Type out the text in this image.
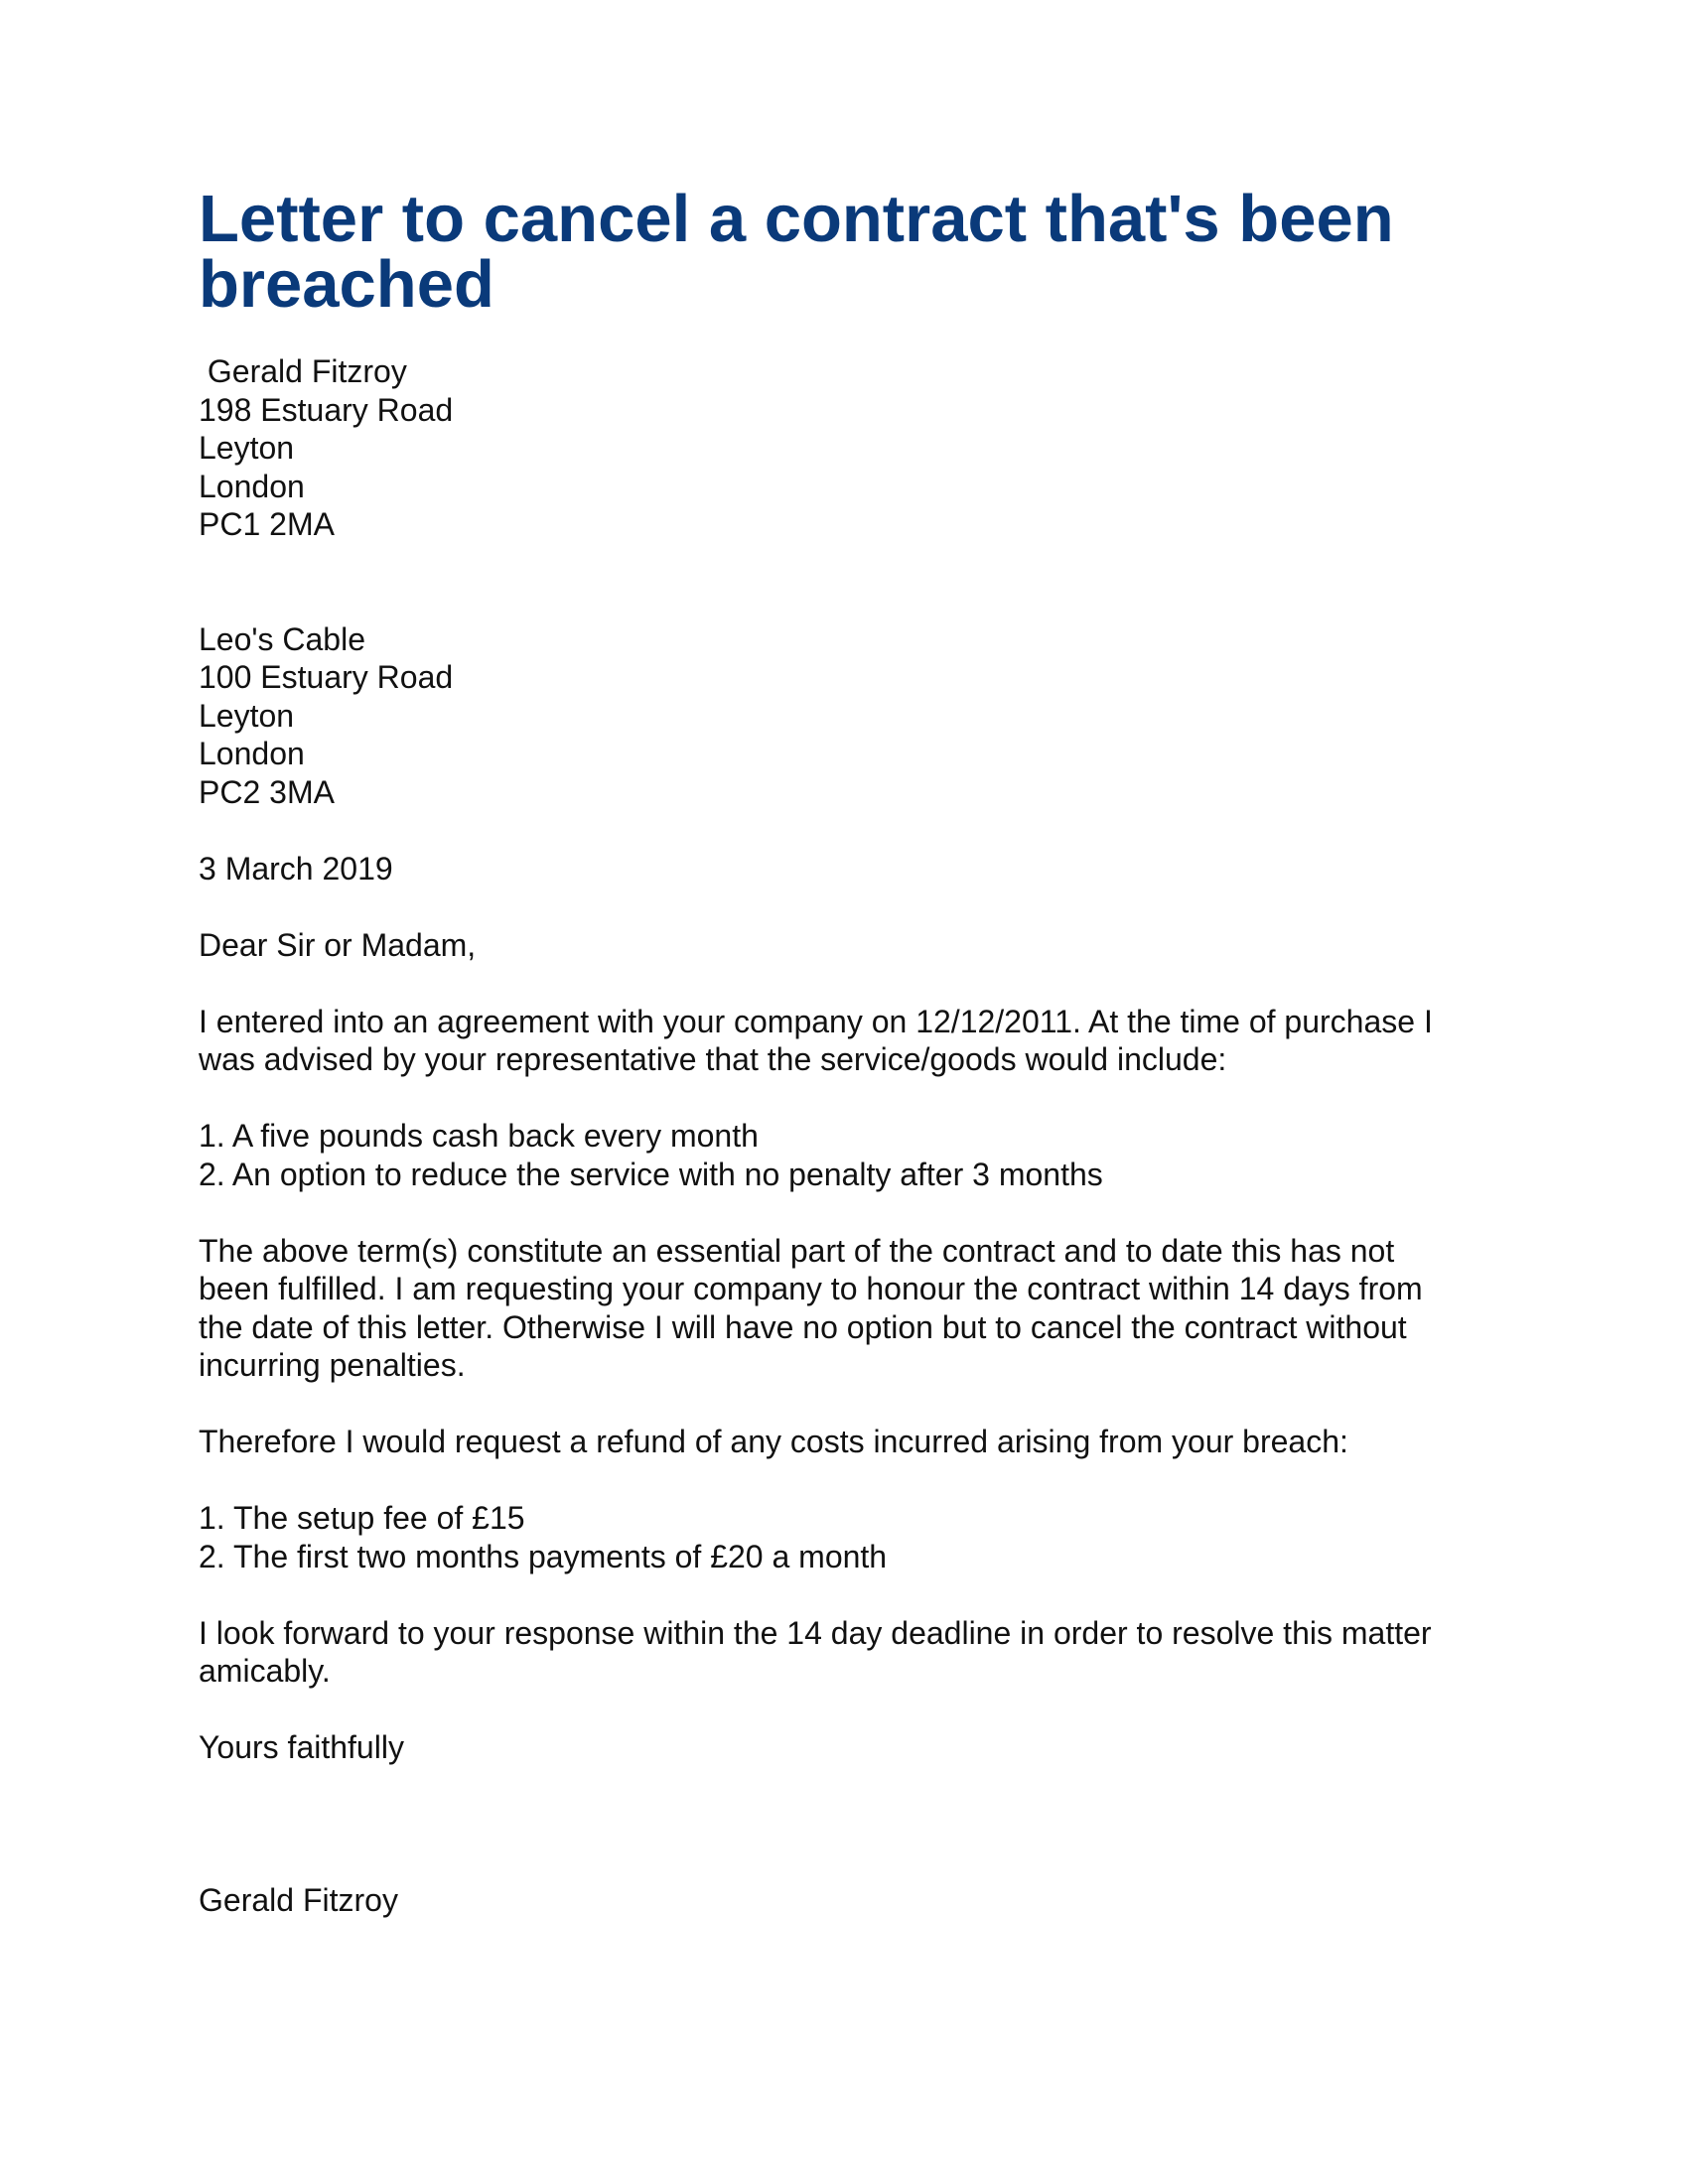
Letter to cancel a contract that's been
breached
Gerald Fitzroy
198 Estuary Road
Leyton
London
PC1 2MA
Leo's Cable
100 Estuary Road
Leyton
London
PC2 3MA
3 March 2019
Dear Sir or Madam,
I entered into an agreement with your company on 12/12/2011. At the time of purchase I
was advised by your representative that the service/goods would include:
1. A five pounds cash back every month
2. An option to reduce the service with no penalty after 3 months
The above term(s) constitute an essential part of the contract and to date this has not
been fulfilled. I am requesting your company to honour the contract within 14 days from
the date of this letter. Otherwise I will have no option but to cancel the contract without
incurring penalties.
Therefore I would request a refund of any costs incurred arising from your breach:
1. The setup fee of £15
2. The first two months payments of £20 a month
I look forward to your response within the 14 day deadline in order to resolve this matter
amicably.
Yours faithfully
Gerald Fitzroy
